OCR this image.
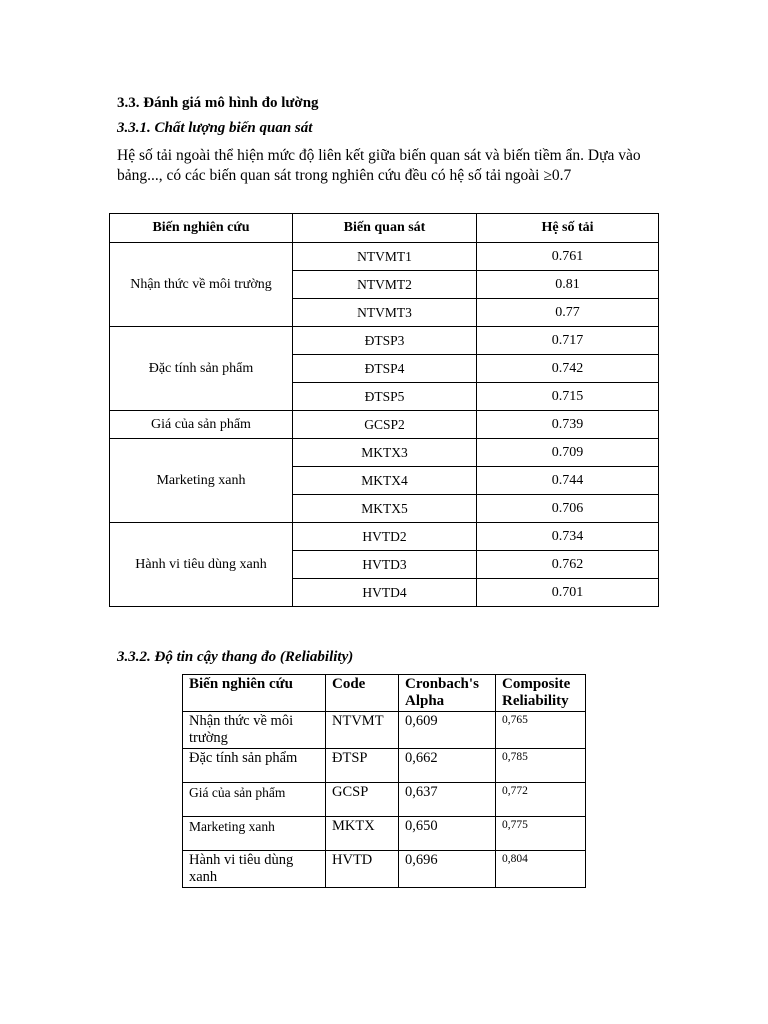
3.3. Đánh giá mô hình đo lường
3.3.1. Chất lượng biến quan sát
Hệ số tải ngoài thể hiện mức độ liên kết giữa biến quan sát và biến tiềm ẩn. Dựa vào bảng..., có các biến quan sát trong nghiên cứu đều có hệ số tải ngoài ≥0.7
Biến nghiên cứu	Biến quan sát	Hệ số tải
Nhận thức về môi trường	NTVMT1	0.761
	NTVMT2	0.81
	NTVMT3	0.77
Đặc tính sản phẩm	ĐTSP3	0.717
	ĐTSP4	0.742
	ĐTSP5	0.715
Giá của sản phẩm	GCSP2	0.739
Marketing xanh	MKTX3	0.709
	MKTX4	0.744
	MKTX5	0.706
Hành vi tiêu dùng xanh	HVTD2	0.734
	HVTD3	0.762
	HVTD4	0.701
3.3.2. Độ tin cậy thang đo (Reliability)
Biến nghiên cứu	Code	Cronbach's Alpha	Composite Reliability
Nhận thức về môi trường	NTVMT	0,609	0,765
Đặc tính sản phẩm	ĐTSP	0,662	0,785
Giá của sản phẩm	GCSP	0,637	0,772
Marketing xanh	MKTX	0,650	0,775
Hành vi tiêu dùng xanh	HVTD	0,696	0,804
